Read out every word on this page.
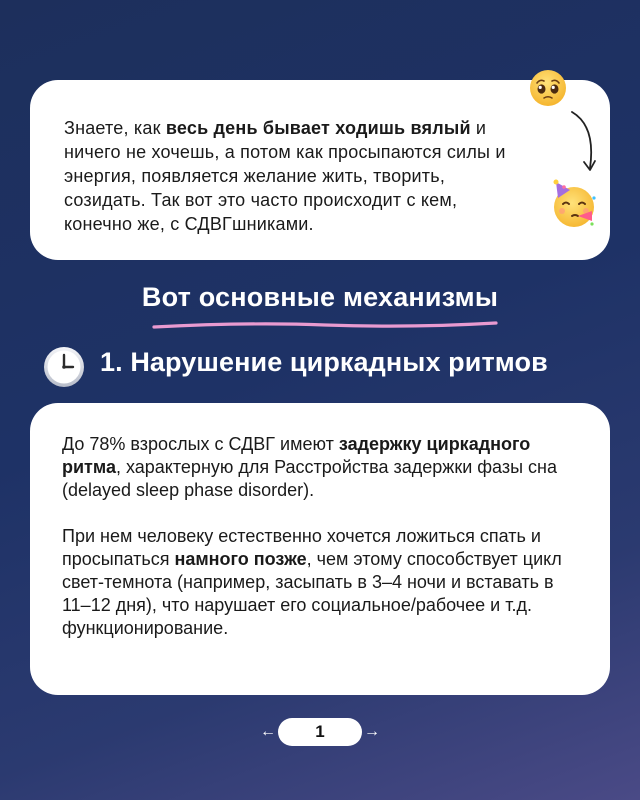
Знаете, как весь день бывает ходишь вялый и ничего не хочешь, а потом как просыпаются силы и энергия, появляется желание жить, творить, созидать. Так вот это часто происходит с кем, конечно же, с СДВГшниками.
Вот основные механизмы
1. Нарушение циркадных ритмов

До 78% взрослых с СДВГ имеют задержку циркадного ритма, характерную для Расстройства задержки фазы сна (delayed sleep phase disorder).

При нем человеку естественно хочется ложиться спать и просыпаться намного позже, чем этому способствует цикл свет-темнота (например, засыпать в 3–4 ночи и вставать в 11–12 дня), что нарушает его социальное/рабочее и т.д. функционирование.

←	1	→
